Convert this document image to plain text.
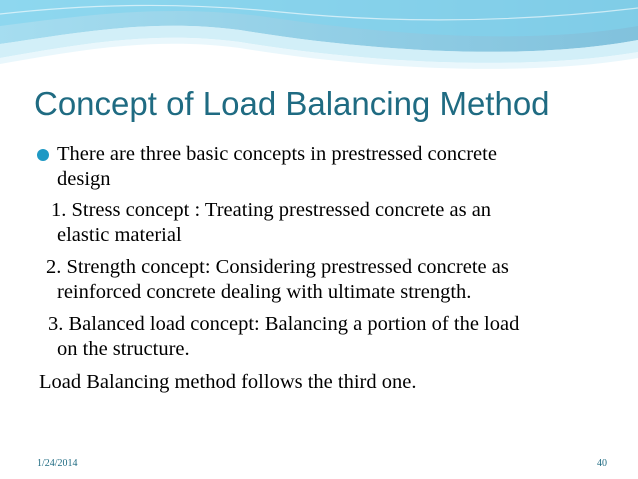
Concept of Load Balancing Method
There are three basic concepts in prestressed concrete
design
1. Stress concept : Treating prestressed concrete as an
elastic material
2. Strength concept: Considering prestressed concrete as
reinforced concrete dealing with ultimate strength.
3. Balanced load concept: Balancing a portion of the load
on the structure.
Load Balancing method follows the third one.
1/24/2014	40
